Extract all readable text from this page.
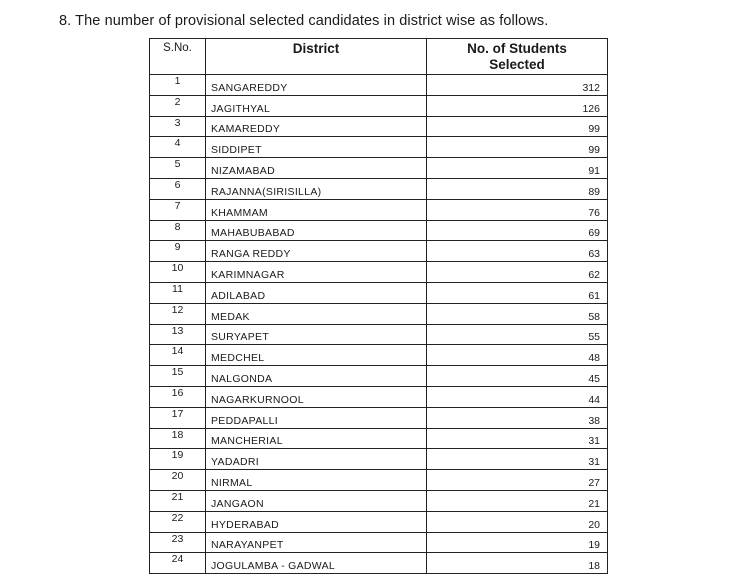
8. The number of provisional selected candidates in district wise as follows.
S.No.	District	No. of Students
Selected
1	SANGAREDDY	312
2	JAGITHYAL	126
3	KAMAREDDY	99
4	SIDDIPET	99
5	NIZAMABAD	91
6	RAJANNA(SIRISILLA)	89
7	KHAMMAM	76
8	MAHABUBABAD	69
9	RANGA REDDY	63
10	KARIMNAGAR	62
11	ADILABAD	61
12	MEDAK	58
13	SURYAPET	55
14	MEDCHEL	48
15	NALGONDA	45
16	NAGARKURNOOL	44
17	PEDDAPALLI	38
18	MANCHERIAL	31
19	YADADRI	31
20	NIRMAL	27
21	JANGAON	21
22	HYDERABAD	20
23	NARAYANPET	19
24	JOGULAMBA - GADWAL	18
